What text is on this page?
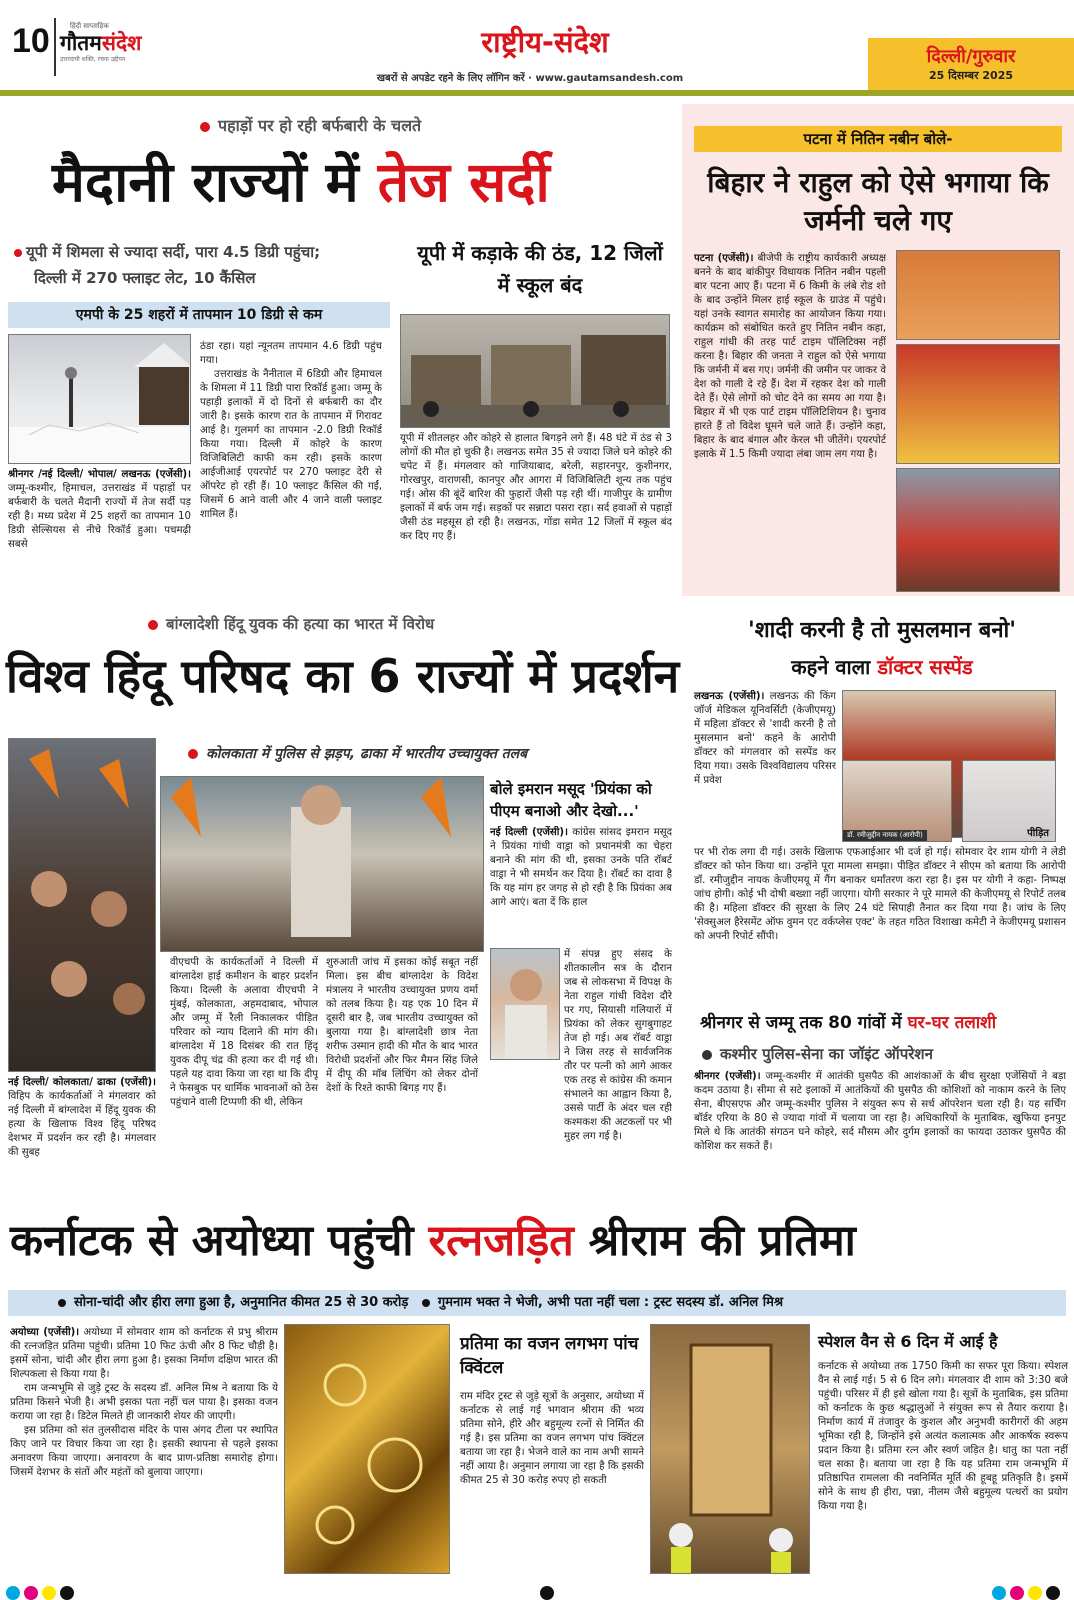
10	हिंदी साप्ताहिक
गौतमसंदेश
उत्तरदायी शक्ति, रचना उद्दीपन
राष्ट्रीय-संदेश
खबरों से अपडेट रहने के लिए लॉगिन करें · www.gautamsandesh.com
दिल्ली/गुरुवार
25 दिसम्बर 2025
पहाड़ों पर हो रही बर्फबारी के चलते
मैदानी राज्यों में तेज सर्दी
यूपी में शिमला से ज्यादा सर्दी, पारा 4.5 डिग्री पहुंचा;
दिल्ली में 270 फ्लाइट लेट, 10 कैंसिल
यूपी में कड़ाके की ठंड, 12 जिलों में स्कूल बंद
एमपी के 25 शहरों में तापमान 10 डिग्री से कम
श्रीनगर /नई दिल्ली/ भोपाल/ लखनऊ (एजेंसी)। जम्मू-कश्मीर, हिमाचल, उत्तराखंड में पहाड़ों पर बर्फबारी के चलते मैदानी राज्यों में तेज सर्दी पड़ रही है। मध्य प्रदेश में 25 शहरों का तापमान 10 डिग्री सेल्सियस से नीचे रिकॉर्ड हुआ। पचमढ़ी सबसे
ठंडा रहा। यहां न्यूनतम तापमान 4.6 डिग्री पहुंच गया।

उत्तराखंड के नैनीताल में 6डिग्री और हिमाचल के शिमला में 11 डिग्री पारा रिकॉर्ड हुआ। जम्मू के पहाड़ी इलाकों में दो दिनों से बर्फबारी का दौर जारी है। इसके कारण रात के तापमान में गिरावट आई है। गुलमर्ग का तापमान -2.0 डिग्री रिकॉर्ड किया गया। दिल्ली में कोहरे के कारण विजिबिलिटी काफी कम रही। इसके कारण आईजीआई एयरपोर्ट पर 270 फ्लाइट देरी से ऑपरेट हो रही हैं। 10 फ्लाइट कैंसिल की गईं, जिसमें 6 आने वाली और 4 जाने वाली फ्लाइट शामिल हैं।

यूपी में शीतलहर और कोहरे से हालात बिगड़ने लगे हैं। 48 घंटे में ठंड से 3 लोगों की मौत हो चुकी है। लखनऊ समेत 35 से ज्यादा जिले घने कोहरे की चपेट में हैं। मंगलवार को गाजियाबाद, बरेली, सहारनपुर, कुशीनगर, गोरखपुर, वाराणसी, कानपुर और आगरा में विजिबिलिटी शून्य तक पहुंच गई। ओस की बूंदें बारिश की फुहारों जैसी पड़ रही थीं। गाजीपुर के ग्रामीण इलाकों में बर्फ जम गई। सड़कों पर सन्नाटा पसरा रहा। सर्द हवाओं से पहाड़ों जैसी ठंड महसूस हो रही है। लखनऊ, गोंडा समेत 12 जिलों में स्कूल बंद कर दिए गए हैं।
पटना में नितिन नबीन बोले-
बिहार ने राहुल को ऐसे भगाया कि जर्मनी चले गए
पटना (एजेंसी)। बीजेपी के राष्ट्रीय कार्यकारी अध्यक्ष बनने के बाद बांकीपुर विधायक नितिन नबीन पहली बार पटना आए हैं। पटना में 6 किमी के लंबे रोड शो के बाद उन्होंने मिलर हाई स्कूल के ग्राउंड में पहुंचे। यहां उनके स्वागत समारोह का आयोजन किया गया। कार्यक्रम को संबोधित करते हुए नितिन नबीन कहा, राहुल गांधी की तरह पार्ट टाइम पॉलिटिक्स नहीं करना है। बिहार की जनता ने राहुल को ऐसे भगाया कि जर्मनी में बस गए। जर्मनी की जमीन पर जाकर वे देश को गाली दे रहे हैं। देश में रहकर देश को गाली देते हैं। ऐसे लोगों को चोट देने का समय आ गया है। बिहार में भी एक पार्ट टाइम पॉलिटिशियन है। चुनाव हारते हैं तो विदेश घूमने चले जाते हैं। उन्होंने कहा, बिहार के बाद बंगाल और केरल भी जीतेंगे। एयरपोर्ट इलाके में 1.5 किमी ज्यादा लंबा जाम लग गया है।
बांग्लादेशी हिंदू युवक की हत्या का भारत में विरोध
विश्व हिंदू परिषद का 6 राज्यों में प्रदर्शन
कोलकाता में पुलिस से झड़प, ढाका में भारतीय उच्चायुक्त तलब
नई दिल्ली/ कोलकाता/ ढाका (एजेंसी)। विहिप के कार्यकर्ताओं ने मंगलवार को नई दिल्ली में बांग्लादेश में हिंदू युवक की हत्या के खिलाफ विश्व हिंदू परिषद देशभर में प्रदर्शन कर रही है। मंगलवार की सुबह
वीएचपी के कार्यकर्ताओं ने दिल्ली में बांग्लादेश हाई कमीशन के बाहर प्रदर्शन किया। दिल्ली के अलावा वीएचपी ने मुंबई, कोलकाता, अहमदाबाद, भोपाल और जम्मू में रैली निकालकर पीड़ित परिवार को न्याय दिलाने की मांग की। बांग्लादेश में 18 दिसंबर की रात हिंदू युवक दीपू चंद्र की हत्या कर दी गई थी। पहले यह दावा किया जा रहा था कि दीपू ने फेसबुक पर धार्मिक भावनाओं को ठेस पहुंचाने वाली टिप्पणी की थी, लेकिन
शुरुआती जांच में इसका कोई सबूत नहीं मिला। इस बीच बांग्लादेश के विदेश मंत्रालय ने भारतीय उच्चायुक्त प्रणय वर्मा को तलब किया है। यह एक 10 दिन में दूसरी बार है, जब भारतीय उच्चायुक्त को बुलाया गया है। बांग्लादेशी छात्र नेता शरीफ उस्मान हादी की मौत के बाद भारत विरोधी प्रदर्शनों और फिर मैमन सिंह जिले में दीपू की मॉब लिंचिंग को लेकर दोनों देशों के रिश्ते काफी बिगड़ गए हैं।
बोले इमरान मसूद 'प्रियंका को पीएम बनाओ और देखो...'
नई दिल्ली (एजेंसी)। कांग्रेस सांसद इमरान मसूद ने प्रियंका गांधी वाड्रा को प्रधानमंत्री का चेहरा बनाने की मांग की थी, इसका उनके पति रॉबर्ट वाड्रा ने भी समर्थन कर दिया है। रॉबर्ट का दावा है कि यह मांग हर जगह से हो रही है कि प्रियंका अब आगे आएं। बता दें कि हाल
में संपन्न हुए संसद के शीतकालीन सत्र के दौरान जब से लोकसभा में विपक्ष के नेता राहुल गांधी विदेश दौरे पर गए, सियासी गलियारों में प्रियंका को लेकर सुगबुगाहट तेज हो गई। अब रॉबर्ट वाड्रा ने जिस तरह से सार्वजनिक तौर पर पत्नी को आगे आकर एक तरह से कांग्रेस की कमान संभालने का आह्वान किया है, उससे पार्टी के अंदर चल रही कश्मकश की अटकलों पर भी मुहर लग गई है।
'शादी करनी है तो मुसलमान बनो'
कहने वाला डॉक्टर सस्पेंड
लखनऊ (एजेंसी)। लखनऊ की किंग जॉर्ज मेडिकल यूनिवर्सिटी (केजीएमयू) में महिला डॉक्टर से 'शादी करनी है तो मुसलमान बनो' कहने के आरोपी डॉक्टर को मंगलवार को सस्पेंड कर दिया गया। उसके विश्वविद्यालय परिसर में प्रवेश
डॉ. रमीजुद्दीन नायक (आरोपी)	पीड़ित
पर भी रोक लगा दी गई। उसके खिलाफ एफआईआर भी दर्ज हो गई। सोमवार देर शाम योगी ने लेडी डॉक्टर को फोन किया था। उन्होंने पूरा मामला समझा। पीड़ित डॉक्टर ने सीएम को बताया कि आरोपी डॉ. रमीजुद्दीन नायक केजीएमयू में गैंग बनाकर धर्मांतरण करा रहा है। इस पर योगी ने कहा- निष्पक्ष जांच होगी। कोई भी दोषी बख्शा नहीं जाएगा। योगी सरकार ने पूरे मामले की केजीएमयू से रिपोर्ट तलब की है। महिला डॉक्टर की सुरक्षा के लिए 24 घंटे सिपाही तैनात कर दिया गया है। जांच के लिए 'सेक्सुअल हैरेसमेंट ऑफ वुमन एट वर्कप्लेस एक्ट' के तहत गठित विशाखा कमेटी ने केजीएमयू प्रशासन को अपनी रिपोर्ट सौंपी।
श्रीनगर से जम्मू तक 80 गांवों में घर-घर तलाशी
कश्मीर पुलिस-सेना का जॉइंट ऑपरेशन
श्रीनगर (एजेंसी)। जम्मू-कश्मीर में आतंकी घुसपैठ की आशंकाओं के बीच सुरक्षा एजेंसियों ने बड़ा कदम उठाया है। सीमा से सटे इलाकों में आतंकियों की घुसपैठ की कोशिशों को नाकाम करने के लिए सेना, बीएसएफ और जम्मू-कश्मीर पुलिस ने संयुक्त रूप से सर्च ऑपरेशन चला रही है। यह सर्चिंग बॉर्डर एरिया के 80 से ज्यादा गांवों में चलाया जा रहा है। अधिकारियों के मुताबिक, खुफिया इनपुट मिले थे कि आतंकी संगठन घने कोहरे, सर्द मौसम और दुर्गम इलाकों का फायदा उठाकर घुसपैठ की कोशिश कर सकते हैं।
कर्नाटक से अयोध्या पहुंची रत्नजड़ित श्रीराम की प्रतिमा
सोना-चांदी और हीरा लगा हुआ है, अनुमानित कीमत 25 से 30 करोड़ गुमनाम भक्त ने भेजी, अभी पता नहीं चला : ट्रस्ट सदस्य डॉ. अनिल मिश्र
अयोध्या (एजेंसी)। अयोध्या में सोमवार शाम को कर्नाटक से प्रभु श्रीराम की रत्नजड़ित प्रतिमा पहुंची। प्रतिमा 10 फिट ऊंची और 8 फिट चौड़ी है। इसमें सोना, चांदी और हीरा लगा हुआ है। इसका निर्माण दक्षिण भारत की शिल्पकला से किया गया है।

राम जन्मभूमि से जुड़े ट्रस्ट के सदस्य डॉ. अनिल मिश्र ने बताया कि ये प्रतिमा किसने भेजी है। अभी इसका पता नहीं चल पाया है। इसका वजन कराया जा रहा है। डिटेल मिलते ही जानकारी शेयर की जाएगी।

इस प्रतिमा को संत तुलसीदास मंदिर के पास अंगद टीला पर स्थापित किए जाने पर विचार किया जा रहा है। इसकी स्थापना से पहले इसका अनावरण किया जाएगा। अनावरण के बाद प्राण-प्रतिष्ठा समारोह होगा। जिसमें देशभर के संतों और महंतों को बुलाया जाएगा।

प्रतिमा का वजन लगभग पांच क्विंटल
राम मंदिर ट्रस्ट से जुड़े सूत्रों के अनुसार, अयोध्या में कर्नाटक से लाई गई भगवान श्रीराम की भव्य प्रतिमा सोने, हीरे और बहुमूल्य रत्नों से निर्मित की गई है। इस प्रतिमा का वजन लगभग पांच क्विंटल बताया जा रहा है। भेजने वाले का नाम अभी सामने नहीं आया है। अनुमान लगाया जा रहा है कि इसकी कीमत 25 से 30 करोड़ रुपए हो सकती
स्पेशल वैन से 6 दिन में आई है
कर्नाटक से अयोध्या तक 1750 किमी का सफर पूरा किया। स्पेशल वैन से लाई गई। 5 से 6 दिन लगे। मंगलवार दी शाम को 3:30 बजे पहुंची। परिसर में ही इसे खोला गया है। सूत्रों के मुताबिक, इस प्रतिमा को कर्नाटक के कुछ श्रद्धालुओं ने संयुक्त रूप से तैयार कराया है। निर्माण कार्य में तंजावुर के कुशल और अनुभवी कारीगरों की अहम भूमिका रही है, जिन्होंने इसे अत्यंत कलात्मक और आकर्षक स्वरूप प्रदान किया है। प्रतिमा रत्न और स्वर्ण जड़ित है। धातु का पता नहीं चल सका है। बताया जा रहा है कि यह प्रतिमा राम जन्मभूमि में प्रतिष्ठापित रामलला की नवनिर्मित मूर्ति की हूबहू प्रतिकृति है। इसमें सोने के साथ ही हीरा, पन्ना, नीलम जैसे बहुमूल्य पत्थरों का प्रयोग किया गया है।
